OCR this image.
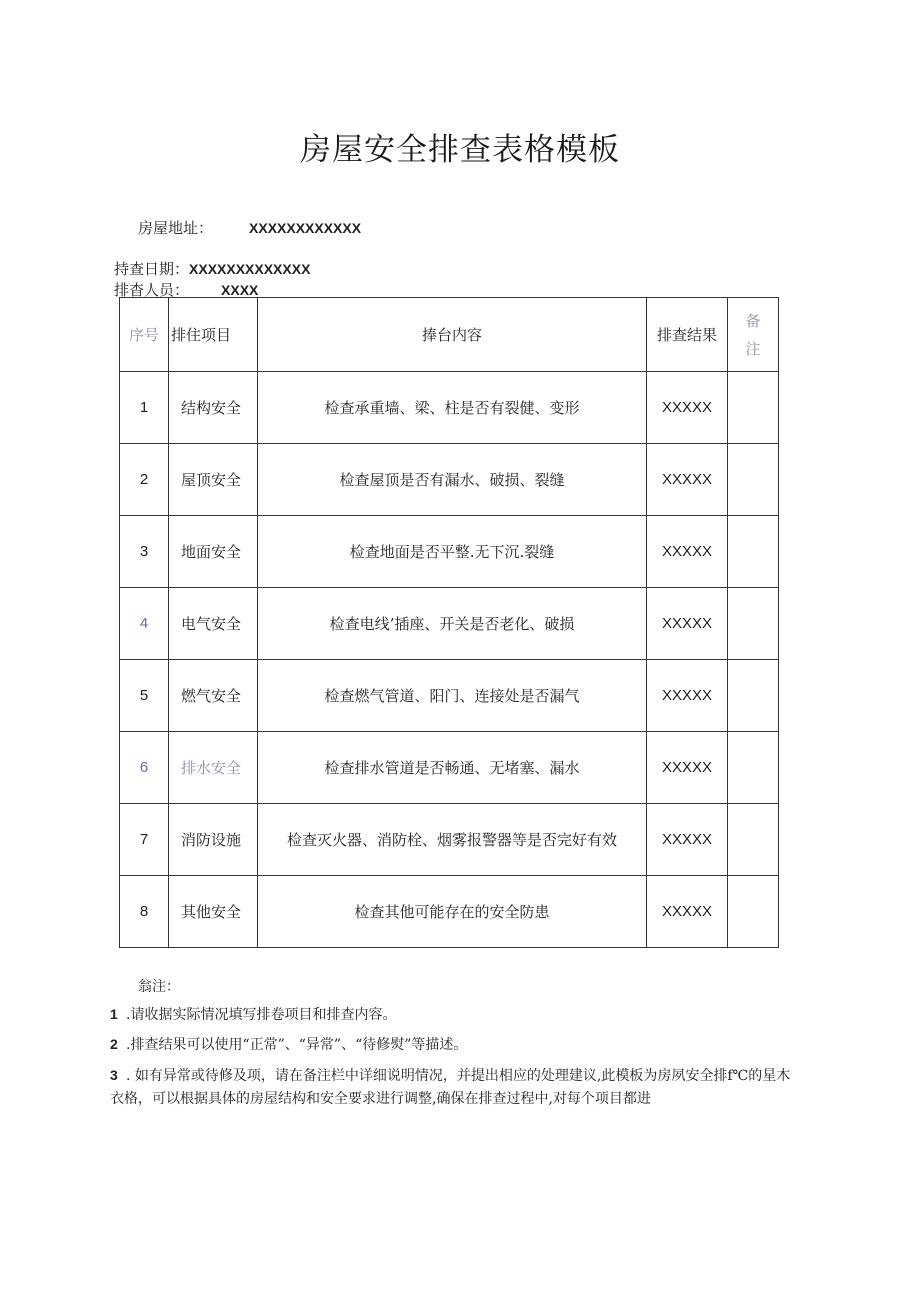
房屋安全排查表格模板
房屋地址：	XXXXXXXXXXXX
持查日期：XXXXXXXXXXXXX
排杳人员： XXXX
序号	排住项目	捧台内容	排查结果	备
注

1	结构安全	检查承重墙、梁、柱是否有裂健、变形	XXXXX	
2	屋顶安全	检查屋顶是否有漏水、破损、裂缝	XXXXX	
3	地面安全	检查地面是否平整.无下沉.裂缝	XXXXX	
4	电气安全	检查电线’插座、开关是否老化、破损	XXXXX	
5	燃气安全	检查燃气管道、阳门、连接处是否漏气	XXXXX	
6	排水安全	检查排水管道是否畅通、无堵塞、漏水	XXXXX	
7	消防设施	检查灭火器、消防栓、烟雾报警器等是否完好有效	XXXXX	
8	其他安全	检查其他可能存在的安全防患	XXXXX	
翁注：
1 .请收据实际情况填写排卷项目和排查内容。
2 .排查结果可以使用“正常”、“异常”、“待修熨”等描述。
3 . 如有异常或待修及项，请在备注栏中详细说明情况，并提出相应的处理建议,此模板为房夙安全排f℃的星木衣格，可以根据具体的房屋结构和安全要求进行调整,确保在排查过程中,对每个项目都进
